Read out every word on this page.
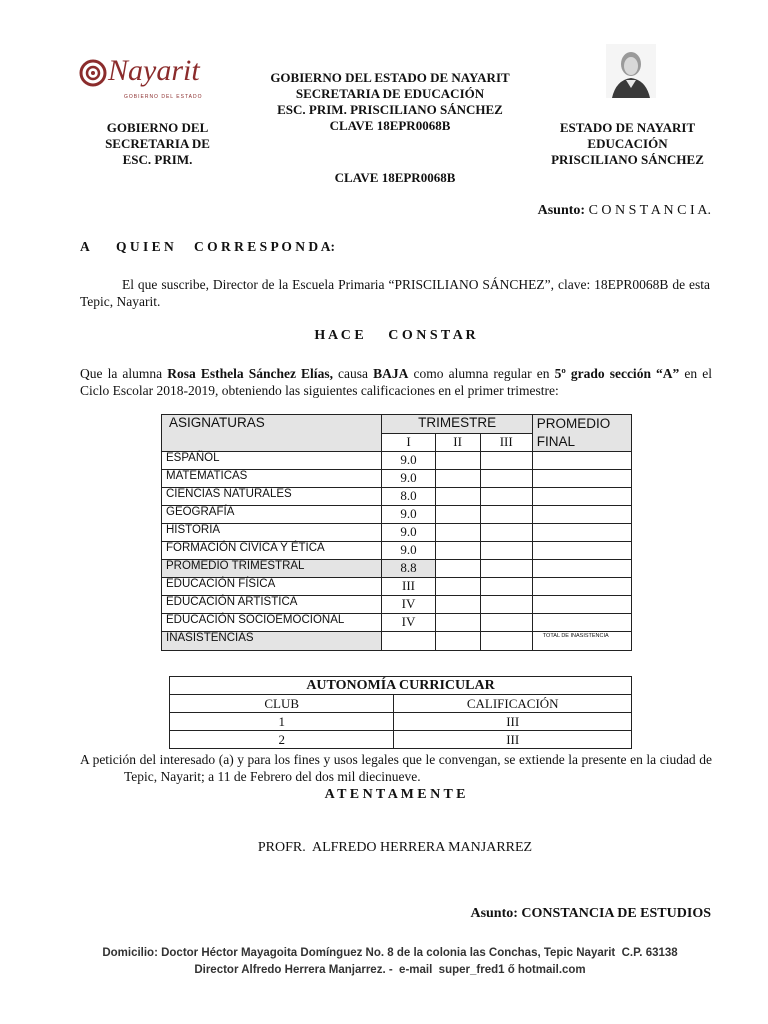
Nayarit
GOBIERNO DEL ESTADO
GOBIERNO DEL ESTADO DE NAYARIT
SECRETARIA DE EDUCACIÓN
ESC. PRIM. PRISCILIANO SÁNCHEZ
CLAVE 18EPR0068B
GOBIERNO DEL
SECRETARIA DE
ESC. PRIM.
ESTADO DE NAYARIT
EDUCACIÓN
PRISCILIANO SÁNCHEZ
CLAVE 18EPR0068B
Asunto: C O N S T A N C I A.
A        Q U I E N      C O R R E S P O N D A:
El que suscribe, Director de la Escuela Primaria “PRISCILIANO SÁNCHEZ”, clave: 18EPR0068B de esta Tepic, Nayarit.
H A C E       C O N S T A R
Que la alumna Rosa Esthela Sánchez Elías, causa BAJA como alumna regular en 5º grado sección “A” en el Ciclo Escolar 2018-2019, obteniendo las siguientes calificaciones en el primer trimestre:
ASIGNATURAS	TRIMESTRE			PROMEDIO FINAL
	I	II	III	
ESPAÑOL	9.0			
MATEMATICAS	9.0			
CIENCIAS NATURALES	8.0			
GEOGRAFÍA	9.0			
HISTORIA	9.0			
FORMACIÓN CIVICA Y ÉTICA	9.0			
PROMEDIO TRIMESTRAL	8.8			
EDUCACIÓN FÍSICA	III			
EDUCACIÓN ARTISTICA	IV			
EDUCACIÓN SOCIOEMOCIONAL	IV			
INASISTENCIAS				TOTAL DE INASISTENCIA
AUTONOMÍA CURRICULAR	
CLUB	CALIFICACIÓN
1	III
2	III
A petición del interesado (a) y para los fines y usos legales que le convengan, se extiende la presente en la ciudad de Tepic, Nayarit; a 11 de Febrero del dos mil diecinueve.
A T E N T A M E N T E
PROFR.  ALFREDO HERRERA MANJARREZ
Asunto: CONSTANCIA DE ESTUDIOS
Domicilio: Doctor Héctor Mayagoita Domínguez No. 8 de la colonia las Conchas, Tepic Nayarit  C.P. 63138
Director Alfredo Herrera Manjarrez. -  e-mail  super_fred1 ő hotmail.com
